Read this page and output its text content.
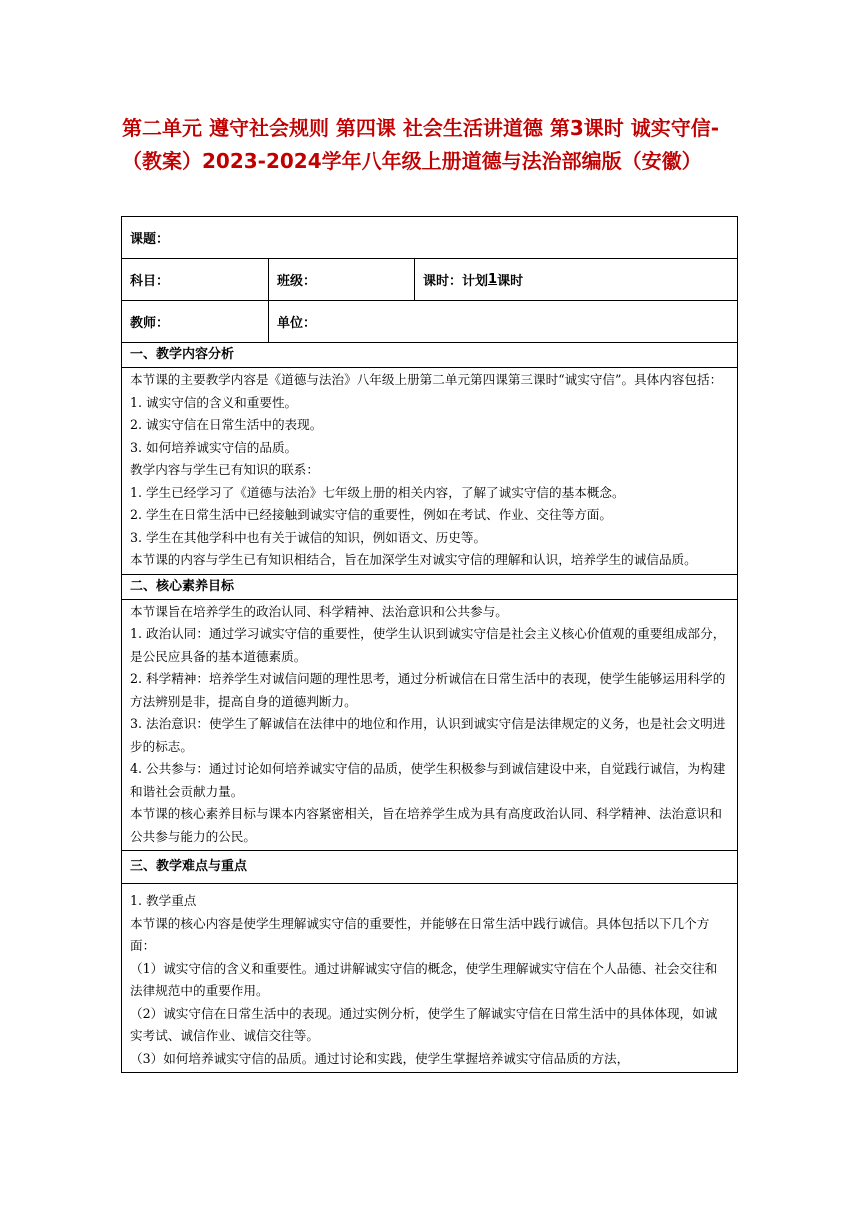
第二单元 遵守社会规则 第四课 社会生活讲道德 第3课时 诚实守信-（教案）2023-2024学年八年级上册道德与法治部编版（安徽）
课题：
科目：	班级：	课时：计划 1 课时
教师：	单位：
一、教学内容分析

本节课的主要教学内容是《道德与法治》八年级上册第二单元第四课第三课时“诚实守信”。具体内容包括：

1. 诚实守信的含义和重要性。

2. 诚实守信在日常生活中的表现。

3. 如何培养诚实守信的品质。

教学内容与学生已有知识的联系：

1. 学生已经学习了《道德与法治》七年级上册的相关内容，了解了诚实守信的基本概念。

2. 学生在日常生活中已经接触到诚实守信的重要性，例如在考试、作业、交往等方面。

3. 学生在其他学科中也有关于诚信的知识，例如语文、历史等。

本节课的内容与学生已有知识相结合，旨在加深学生对诚实守信的理解和认识，培养学生的诚信品质。

二、核心素养目标

本节课旨在培养学生的政治认同、科学精神、法治意识和公共参与。

1. 政治认同：通过学习诚实守信的重要性，使学生认识到诚实守信是社会主义核心价值观的重要组成部分，是公民应具备的基本道德素质。

2. 科学精神：培养学生对诚信问题的理性思考，通过分析诚信在日常生活中的表现，使学生能够运用科学的方法辨别是非，提高自身的道德判断力。

3. 法治意识：使学生了解诚信在法律中的地位和作用，认识到诚实守信是法律规定的义务，也是社会文明进步的标志。

4. 公共参与：通过讨论如何培养诚实守信的品质，使学生积极参与到诚信建设中来，自觉践行诚信，为构建和谐社会贡献力量。

本节课的核心素养目标与课本内容紧密相关，旨在培养学生成为具有高度政治认同、科学精神、法治意识和公共参与能力的公民。

三、教学难点与重点

1. 教学重点

本节课的核心内容是使学生理解诚实守信的重要性，并能够在日常生活中践行诚信。具体包括以下几个方面：

（1）诚实守信的含义和重要性。通过讲解诚实守信的概念，使学生理解诚实守信在个人品德、社会交往和法律规范中的重要作用。

（2）诚实守信在日常生活中的表现。通过实例分析，使学生了解诚实守信在日常生活中的具体体现，如诚实考试、诚信作业、诚信交往等。

（3）如何培养诚实守信的品质。通过讨论和实践，使学生掌握培养诚实守信品质的方法，
